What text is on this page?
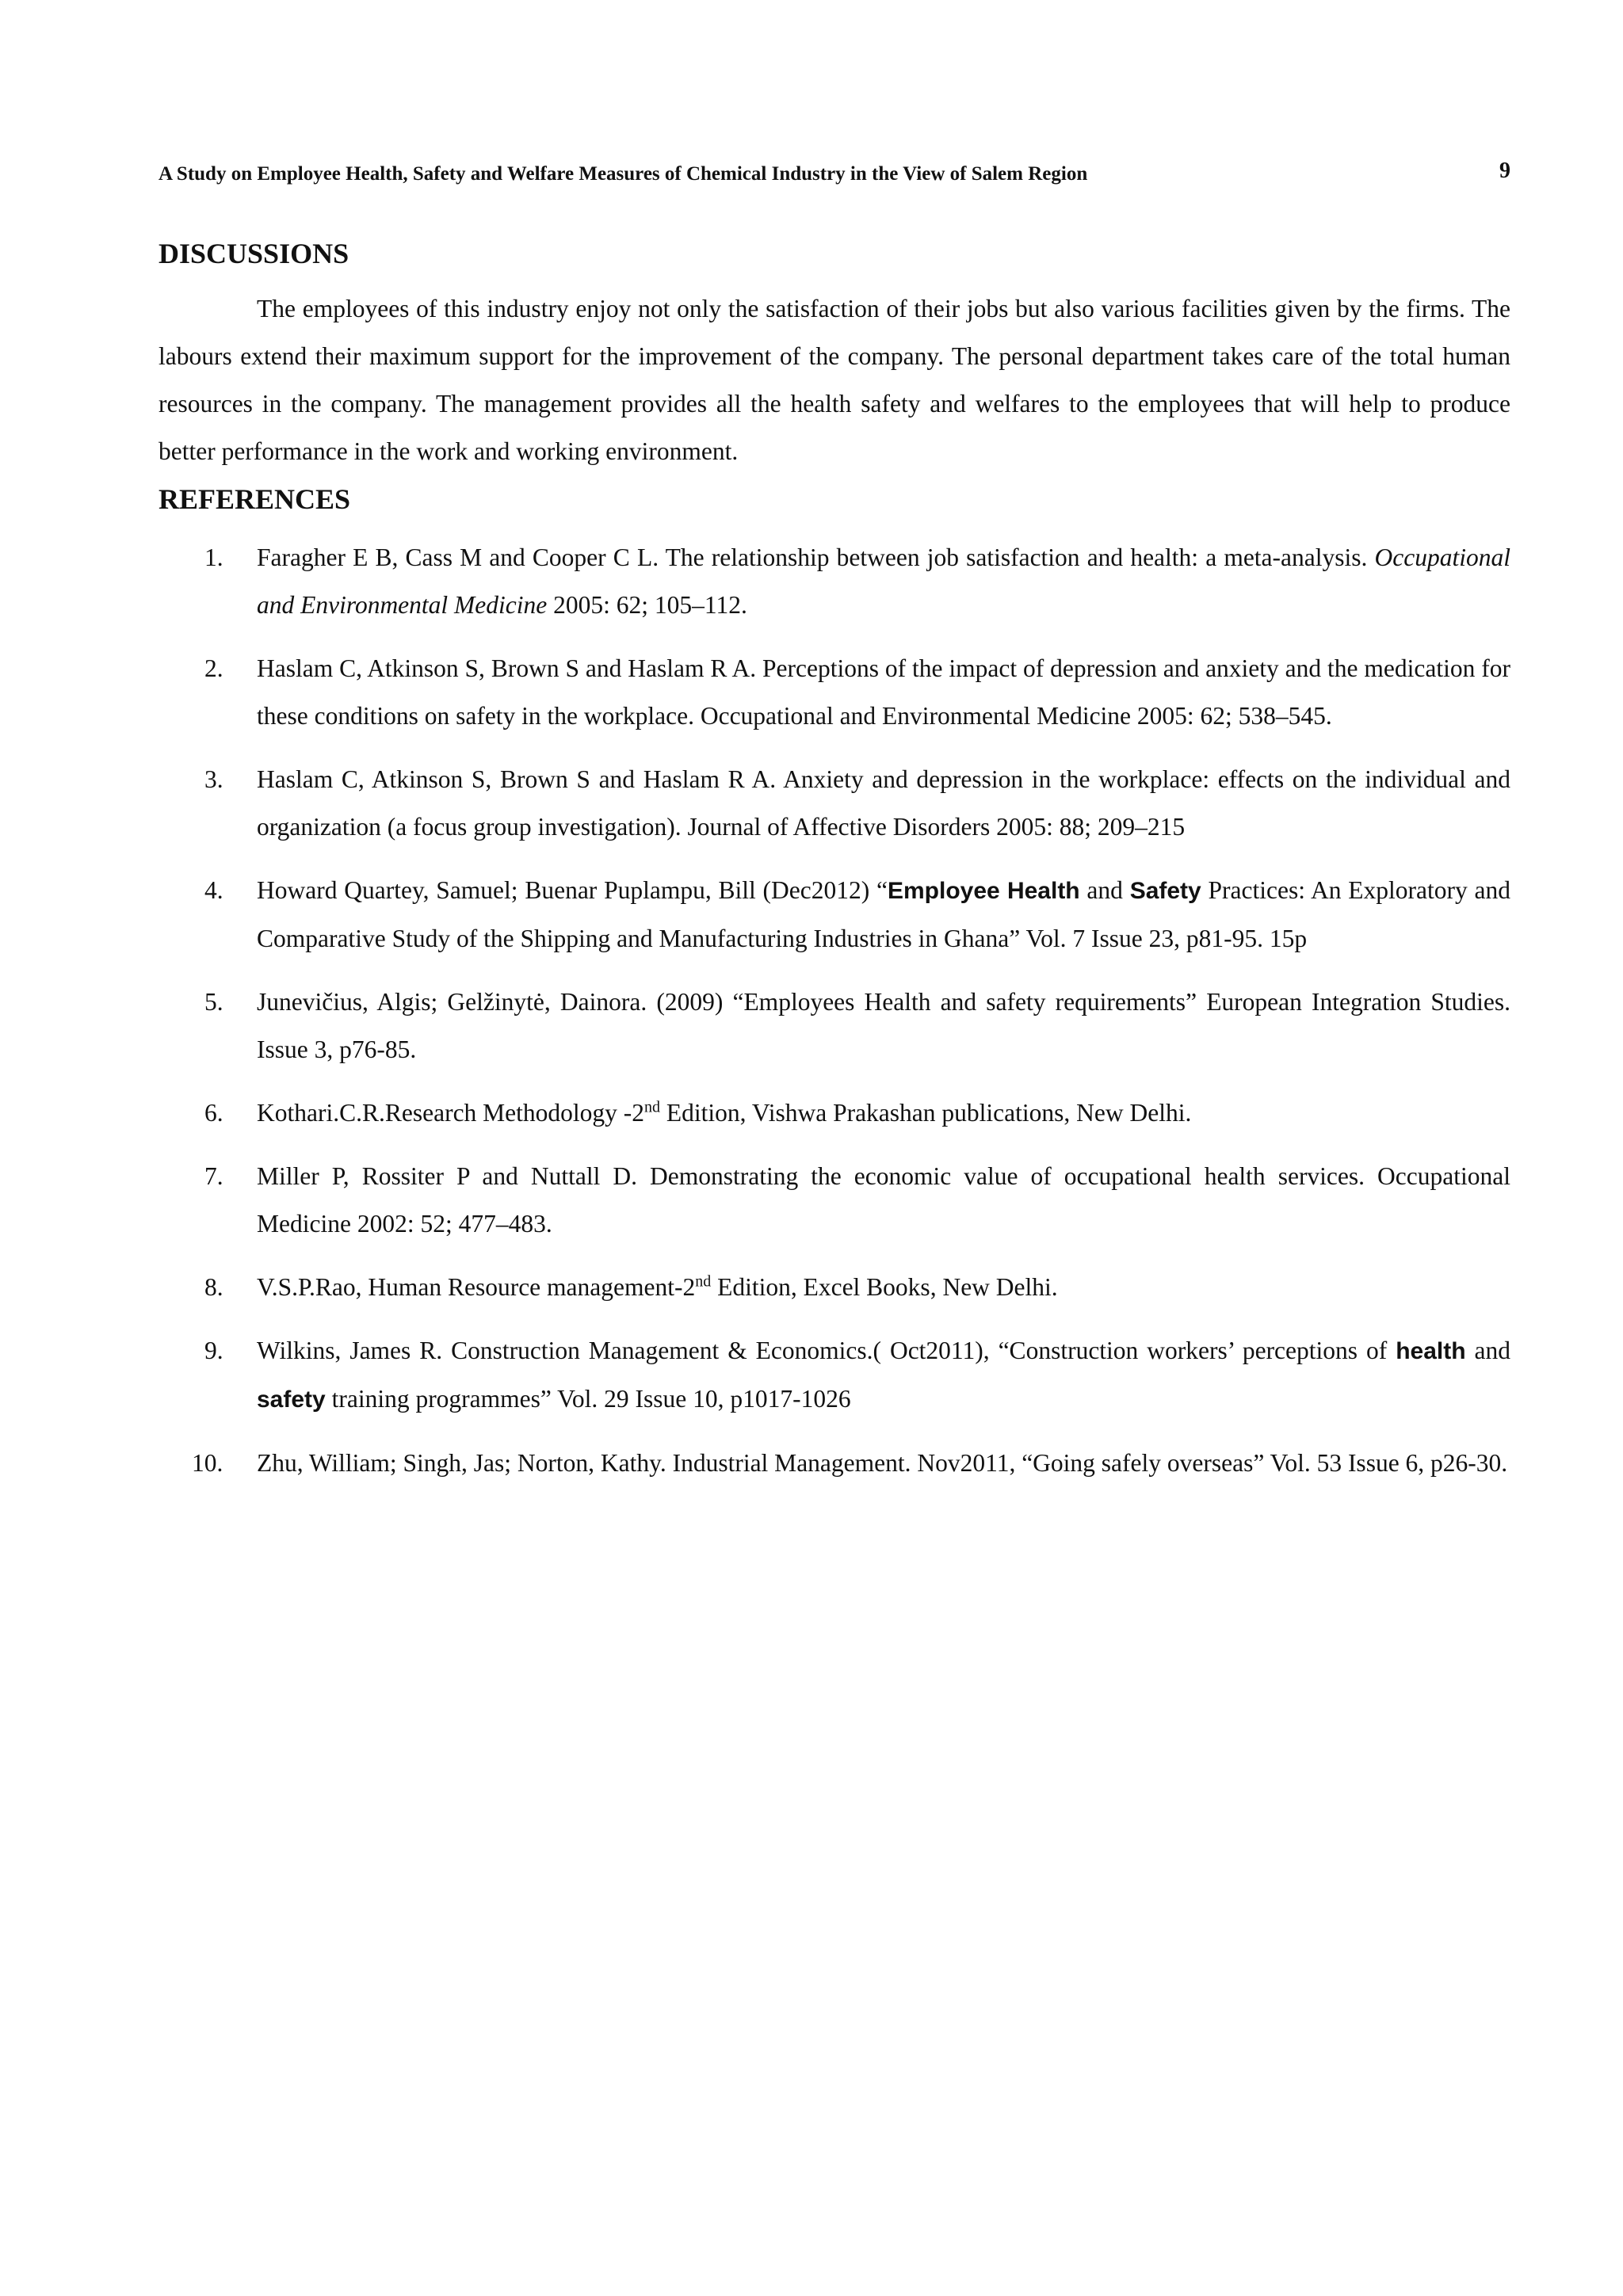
A Study on Employee Health, Safety and Welfare Measures of Chemical Industry in the View of Salem Region	9
DISCUSSIONS

The employees of this industry enjoy not only the satisfaction of their jobs but also various facilities given by the firms. The labours extend their maximum support for the improvement of the company. The personal department takes care of the total human resources in the company. The management provides all the health safety and welfares to the employees that will help to produce better performance in the work and working environment.

REFERENCES
1. Faragher E B, Cass M and Cooper C L. The relationship between job satisfaction and health: a meta-analysis. Occupational and Environmental Medicine 2005: 62; 105–112.
2. Haslam C, Atkinson S, Brown S and Haslam R A. Perceptions of the impact of depression and anxiety and the medication for these conditions on safety in the workplace. Occupational and Environmental Medicine 2005: 62; 538–545.
3. Haslam C, Atkinson S, Brown S and Haslam R A. Anxiety and depression in the workplace: effects on the individual and organization (a focus group investigation). Journal of Affective Disorders 2005: 88; 209–215
4. Howard Quartey, Samuel; Buenar Puplampu, Bill (Dec2012) “Employee Health and Safety Practices: An Exploratory and Comparative Study of the Shipping and Manufacturing Industries in Ghana” Vol. 7 Issue 23, p81-95. 15p
5. Junevičius, Algis; Gelžinytė, Dainora. (2009) “Employees Health and safety requirements” European Integration Studies. Issue 3, p76-85.
6. Kothari.C.R.Research Methodology -2nd Edition, Vishwa Prakashan publications, New Delhi.
7. Miller P, Rossiter P and Nuttall D. Demonstrating the economic value of occupational health services. Occupational Medicine 2002: 52; 477–483.
8. V.S.P.Rao, Human Resource management-2nd Edition, Excel Books, New Delhi.
9. Wilkins, James R. Construction Management & Economics.( Oct2011), “Construction workers’ perceptions of health and safety training programmes” Vol. 29 Issue 10, p1017-1026
10. Zhu, William; Singh, Jas; Norton, Kathy. Industrial Management. Nov2011, “Going safely overseas” Vol. 53 Issue 6, p26-30.
